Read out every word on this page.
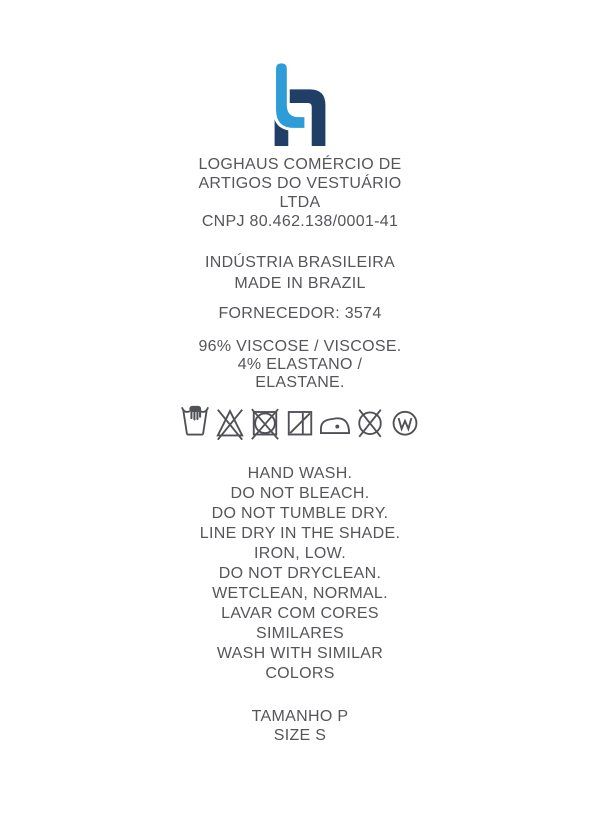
LOGHAUS COMÉRCIO DE
ARTIGOS DO VESTUÁRIO
LTDA
CNPJ 80.462.138/0001-41
INDÚSTRIA BRASILEIRA
MADE IN BRAZIL
FORNECEDOR: 3574
96% VISCOSE / VISCOSE.
4% ELASTANO /
ELASTANE.
HAND WASH.
DO NOT BLEACH.
DO NOT TUMBLE DRY.
LINE DRY IN THE SHADE.
IRON, LOW.
DO NOT DRYCLEAN.
WETCLEAN, NORMAL.
LAVAR COM CORES
SIMILARES
WASH WITH SIMILAR
COLORS
TAMANHO P
SIZE S
